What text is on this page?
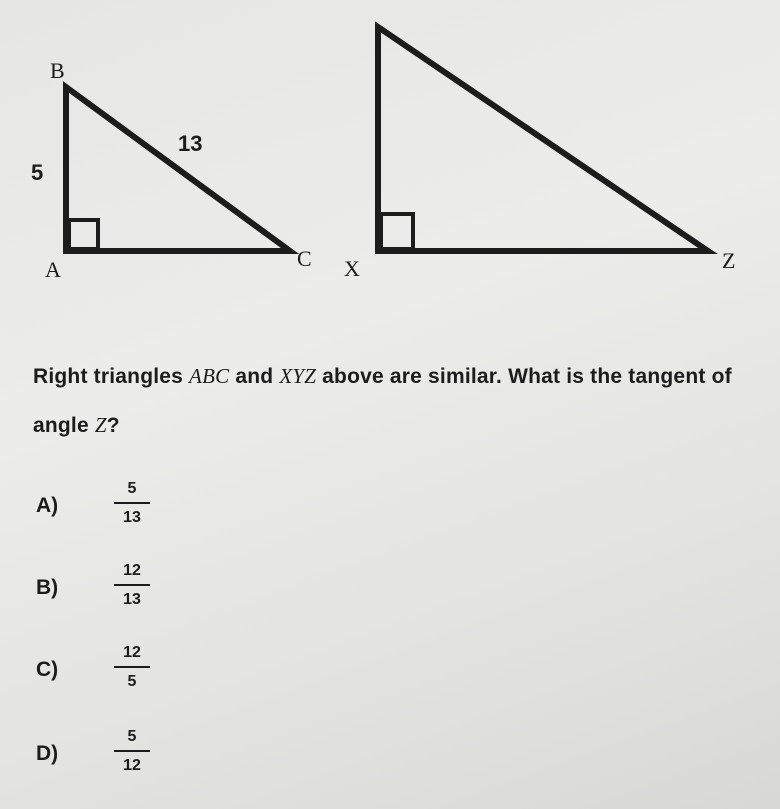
B
A	C
5
13
X	Z
Right triangles ABC and XYZ above are similar. What is the tangent of angle Z?
A)
5
13
B)
12
13
C)
12
5
D)
5
12
